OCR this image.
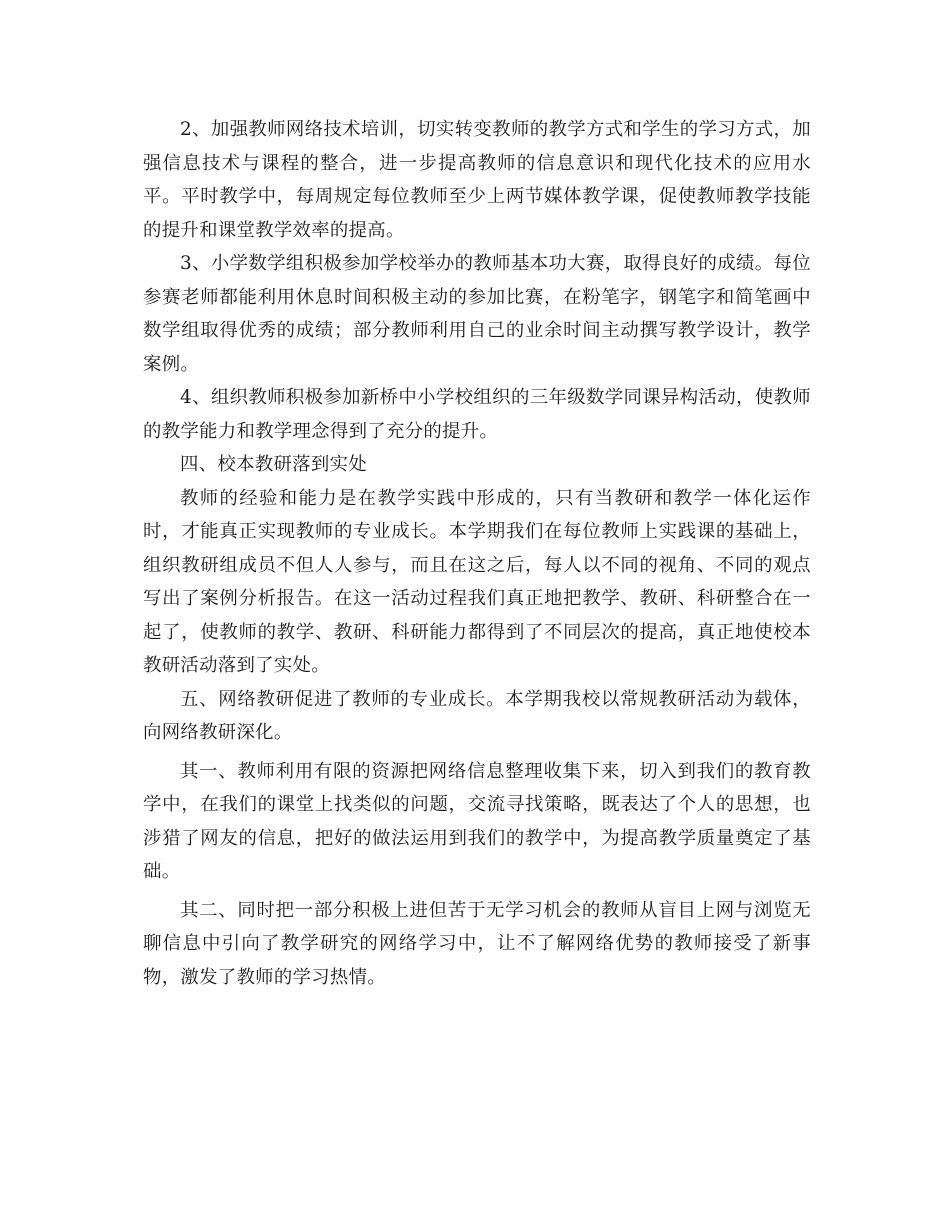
2、加强教师网络技术培训，切实转变教师的教学方式和学生的学习方式，加强信息技术与课程的整合，进一步提高教师的信息意识和现代化技术的应用水平。平时教学中，每周规定每位教师至少上两节媒体教学课，促使教师教学技能的提升和课堂教学效率的提高。

3、小学数学组积极参加学校举办的教师基本功大赛，取得良好的成绩。每位参赛老师都能利用休息时间积极主动的参加比赛，在粉笔字，钢笔字和简笔画中数学组取得优秀的成绩；部分教师利用自己的业余时间主动撰写教学设计，教学案例。

4、组织教师积极参加新桥中小学校组织的三年级数学同课异构活动，使教师的教学能力和教学理念得到了充分的提升。

四、校本教研落到实处

教师的经验和能力是在教学实践中形成的，只有当教研和教学一体化运作时，才能真正实现教师的专业成长。本学期我们在每位教师上实践课的基础上，组织教研组成员不但人人参与，而且在这之后，每人以不同的视角、不同的观点写出了案例分析报告。在这一活动过程我们真正地把教学、教研、科研整合在一起了，使教师的教学、教研、科研能力都得到了不同层次的提高，真正地使校本教研活动落到了实处。

五、网络教研促进了教师的专业成长。本学期我校以常规教研活动为载体，向网络教研深化。

其一、教师利用有限的资源把网络信息整理收集下来，切入到我们的教育教学中，在我们的课堂上找类似的问题，交流寻找策略，既表达了个人的思想，也涉猎了网友的信息，把好的做法运用到我们的教学中，为提高教学质量奠定了基础。

其二、同时把一部分积极上进但苦于无学习机会的教师从盲目上网与浏览无聊信息中引向了教学研究的网络学习中，让不了解网络优势的教师接受了新事物，激发了教师的学习热情。
